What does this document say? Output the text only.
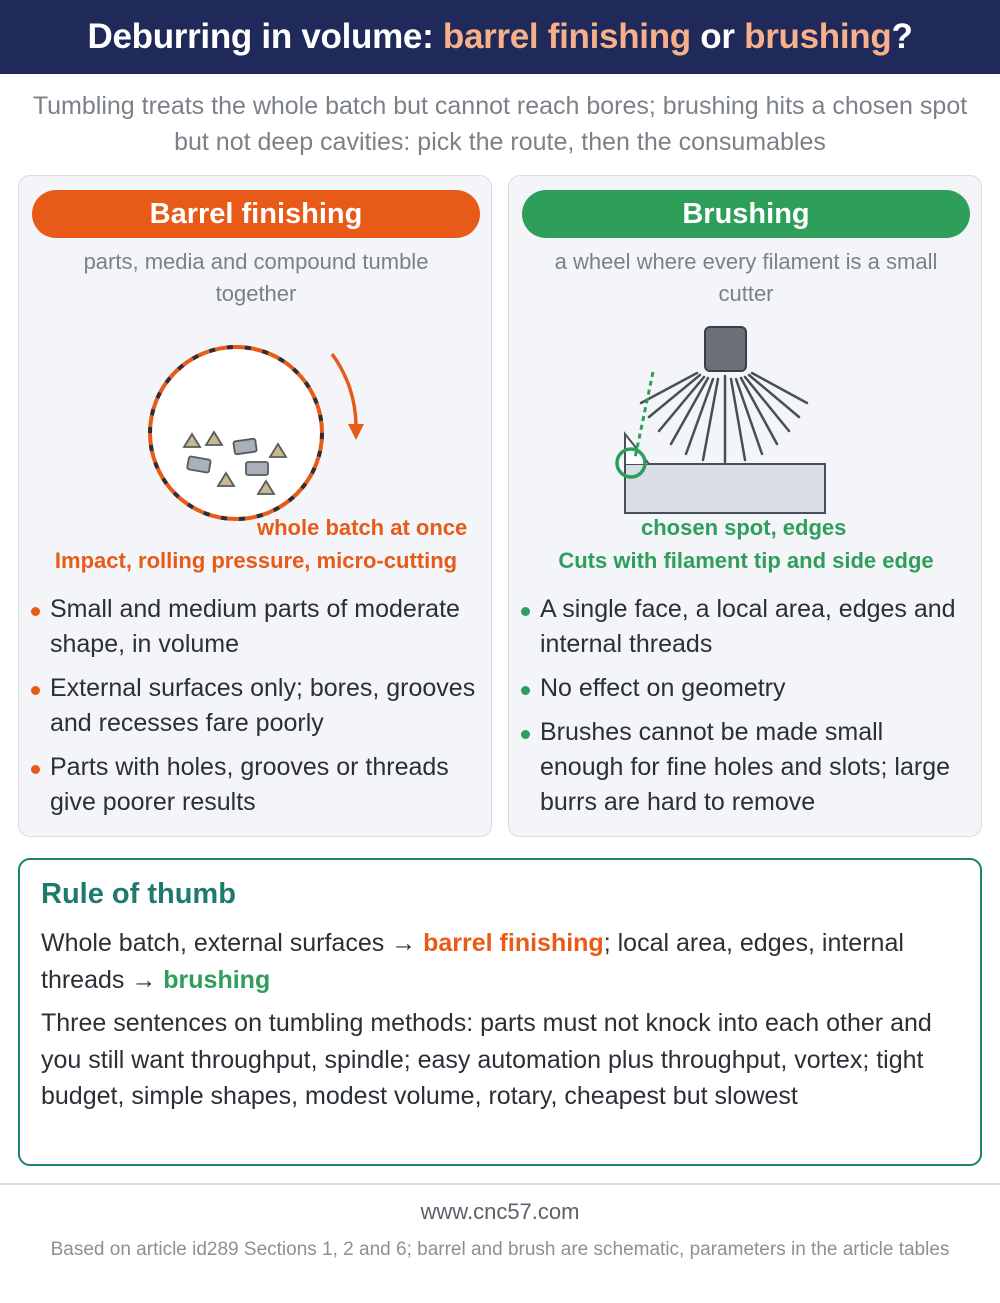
Deburring in volume: barrel finishing or brushing?

Tumbling treats the whole batch but cannot reach bores; brushing hits a chosen spot but not deep cavities: pick the route, then the consumables

Barrel finishing

parts, media and compound tumble together

whole batch at once
Impact, rolling pressure, micro-cutting
Small and medium parts of moderate shape, in volume
External surfaces only; bores, grooves and recesses fare poorly
Parts with holes, grooves or threads give poorer results
Brushing

a wheel where every filament is a small cutter

chosen spot, edges
Cuts with filament tip and side edge
A single face, a local area, edges and internal threads
No effect on geometry
Brushes cannot be made small enough for fine holes and slots; large burrs are hard to remove
Rule of thumb

Whole batch, external surfaces → barrel finishing; local area, edges, internal threads → brushing

Three sentences on tumbling methods: parts must not knock into each other and you still want throughput, spindle; easy automation plus throughput, vortex; tight budget, simple shapes, modest volume, rotary, cheapest but slowest

www.cnc57.com

Based on article id289 Sections 1, 2 and 6; barrel and brush are schematic, parameters in the article tables
